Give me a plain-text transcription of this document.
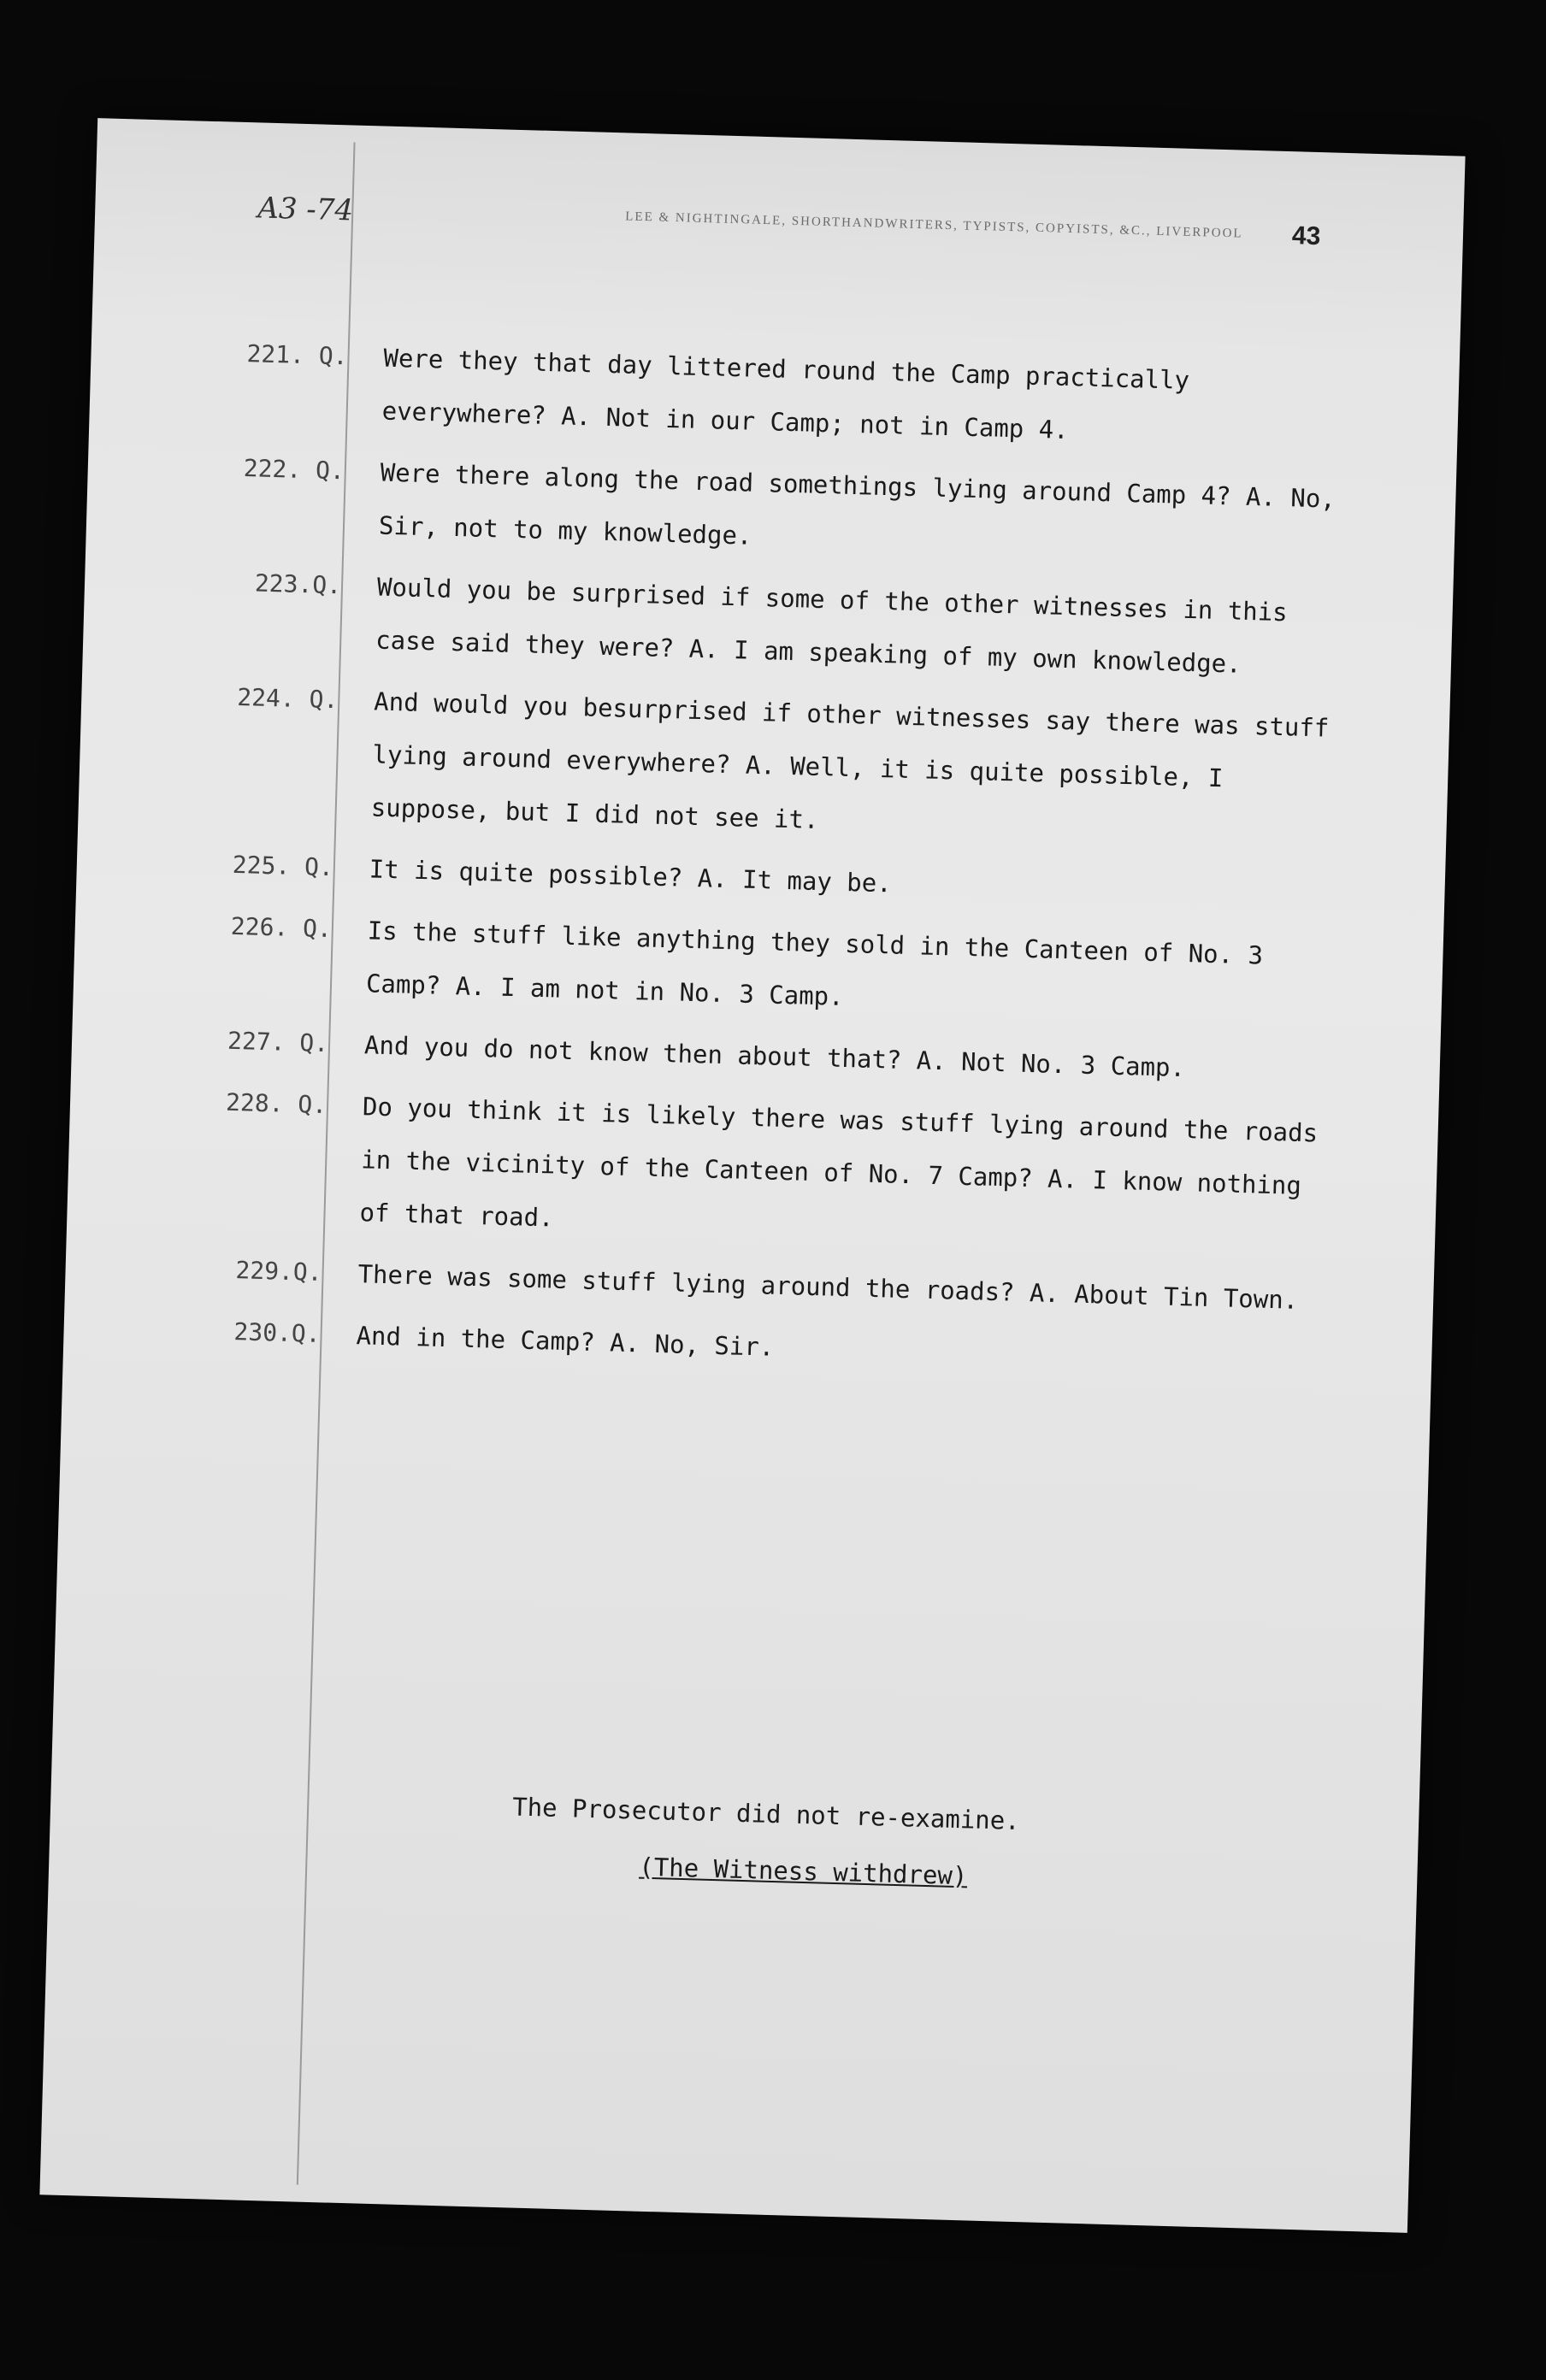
A3 -74	LEE & NIGHTINGALE, SHORTHANDWRITERS, TYPISTS, COPYISTS, &C., LIVERPOOL 43
221. Q.	Were they that day littered round the Camp practically everywhere? A. Not in our Camp; not in Camp 4.
222. Q.	Were there along the road somethings lying around Camp 4? A. No, Sir, not to my knowledge.
223.Q.	Would you be surprised if some of the other witnesses in this case said they were? A. I am speaking of my own knowledge.
224. Q.	And would you besurprised if other witnesses say there was stuff lying around everywhere? A. Well, it is quite possible, I suppose, but I did not see it.
225. Q.	It is quite possible? A. It may be.
226. Q.	Is the stuff like anything they sold in the Canteen of No. 3 Camp? A. I am not in No. 3 Camp.
227. Q.	And you do not know then about that? A. Not No. 3 Camp.
228. Q.	Do you think it is likely there was stuff lying around the roads in the vicinity of the Canteen of No. 7 Camp? A. I know nothing of that road.
229.Q.	There was some stuff lying around the roads? A. About Tin Town.
230.Q.	And in the Camp? A. No, Sir.
The Prosecutor did not re-examine.
(The Witness withdrew)
